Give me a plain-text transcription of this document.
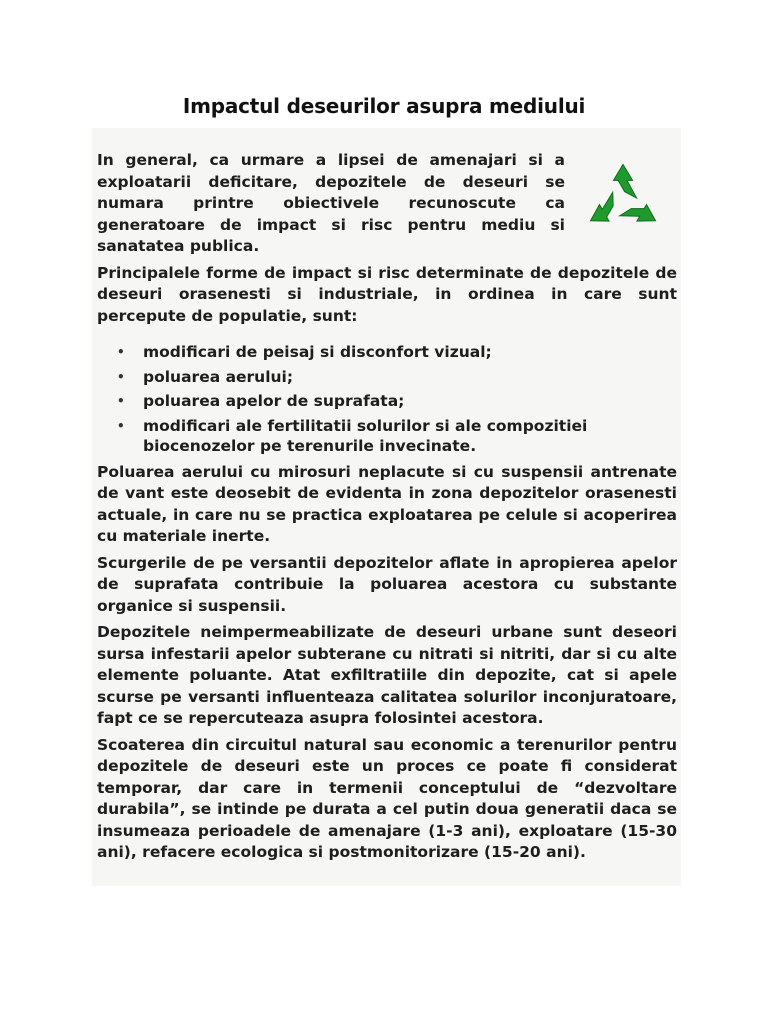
Impactul deseurilor asupra mediului

In general, ca urmare a lipsei de amenajari si a exploatarii deficitare, depozitele de deseuri se numara printre obiectivele recunoscute ca generatoare de impact si risc pentru mediu si sanatatea publica.

Principalele forme de impact si risc determinate de depozitele de deseuri orasenesti si industriale, in ordinea in care sunt percepute de populatie, sunt:

• modificari de peisaj si disconfort vizual;
• poluarea aerului;
• poluarea apelor de suprafata;
• modificari ale fertilitatii solurilor si ale compozitiei biocenozelor pe terenurile invecinate.

Poluarea aerului cu mirosuri neplacute si cu suspensii antrenate de vant este deosebit de evidenta in zona depozitelor orasenesti actuale, in care nu se practica exploatarea pe celule si acoperirea cu materiale inerte.

Scurgerile de pe versantii depozitelor aflate in apropierea apelor de suprafata contribuie la poluarea acestora cu substante organice si suspensii.

Depozitele neimpermeabilizate de deseuri urbane sunt deseori sursa infestarii apelor subterane cu nitrati si nitriti, dar si cu alte elemente poluante. Atat exfiltratiile din depozite, cat si apele scurse pe versanti influenteaza calitatea solurilor inconjuratoare, fapt ce se repercuteaza asupra folosintei acestora.

Scoaterea din circuitul natural sau economic a terenurilor pentru depozitele de deseuri este un proces ce poate fi considerat temporar, dar care in termenii conceptului de “dezvoltare durabila”, se intinde pe durata a cel putin doua generatii daca se insumeaza perioadele de amenajare (1-3 ani), exploatare (15-30 ani), refacere ecologica si postmonitorizare (15-20 ani).
